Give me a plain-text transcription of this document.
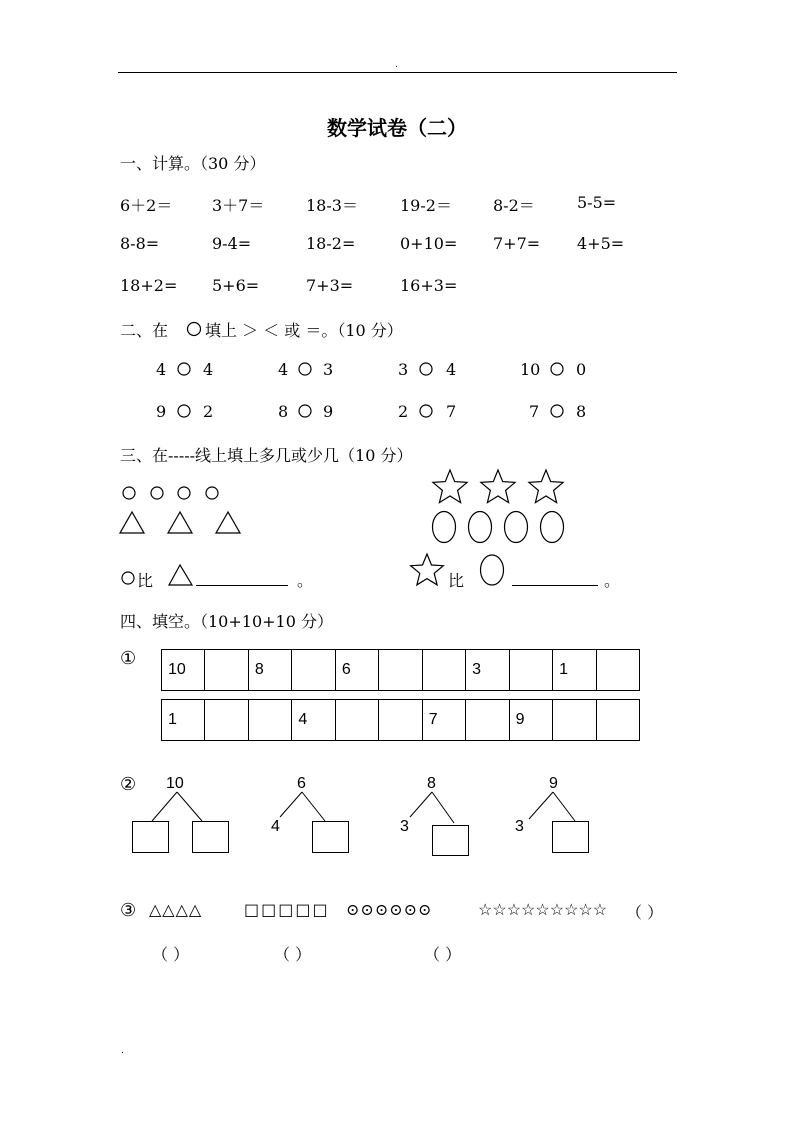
.
数学试卷（二）
一、计算。（30 分）
6＋2＝ 3＋7＝	18-3＝	19-2＝	8-2＝	5-5=
8-8=	9-4=	18-2=	0+10= 7+7= 4+5=
18+2= 5+6=	7+3=	16+3=
二、在 填上 ＞ ＜ 或 ＝。（10 分）
4 4	4 3	3 4	10 0
9 2	8 9	2 7	7 8
三、在-----线上填上多几或少几（10 分）
比	。	比	。
四、填空。（10+10+10 分）
①
10		8		6			3		1	
1			4			7		9		
② 10	6
4
8
3
9
3
③ △△△△	□□□□□ ⊙⊙⊙⊙⊙⊙	☆☆☆☆☆☆☆☆☆ （ ）
（ ）	（ ）	（ ）
.
